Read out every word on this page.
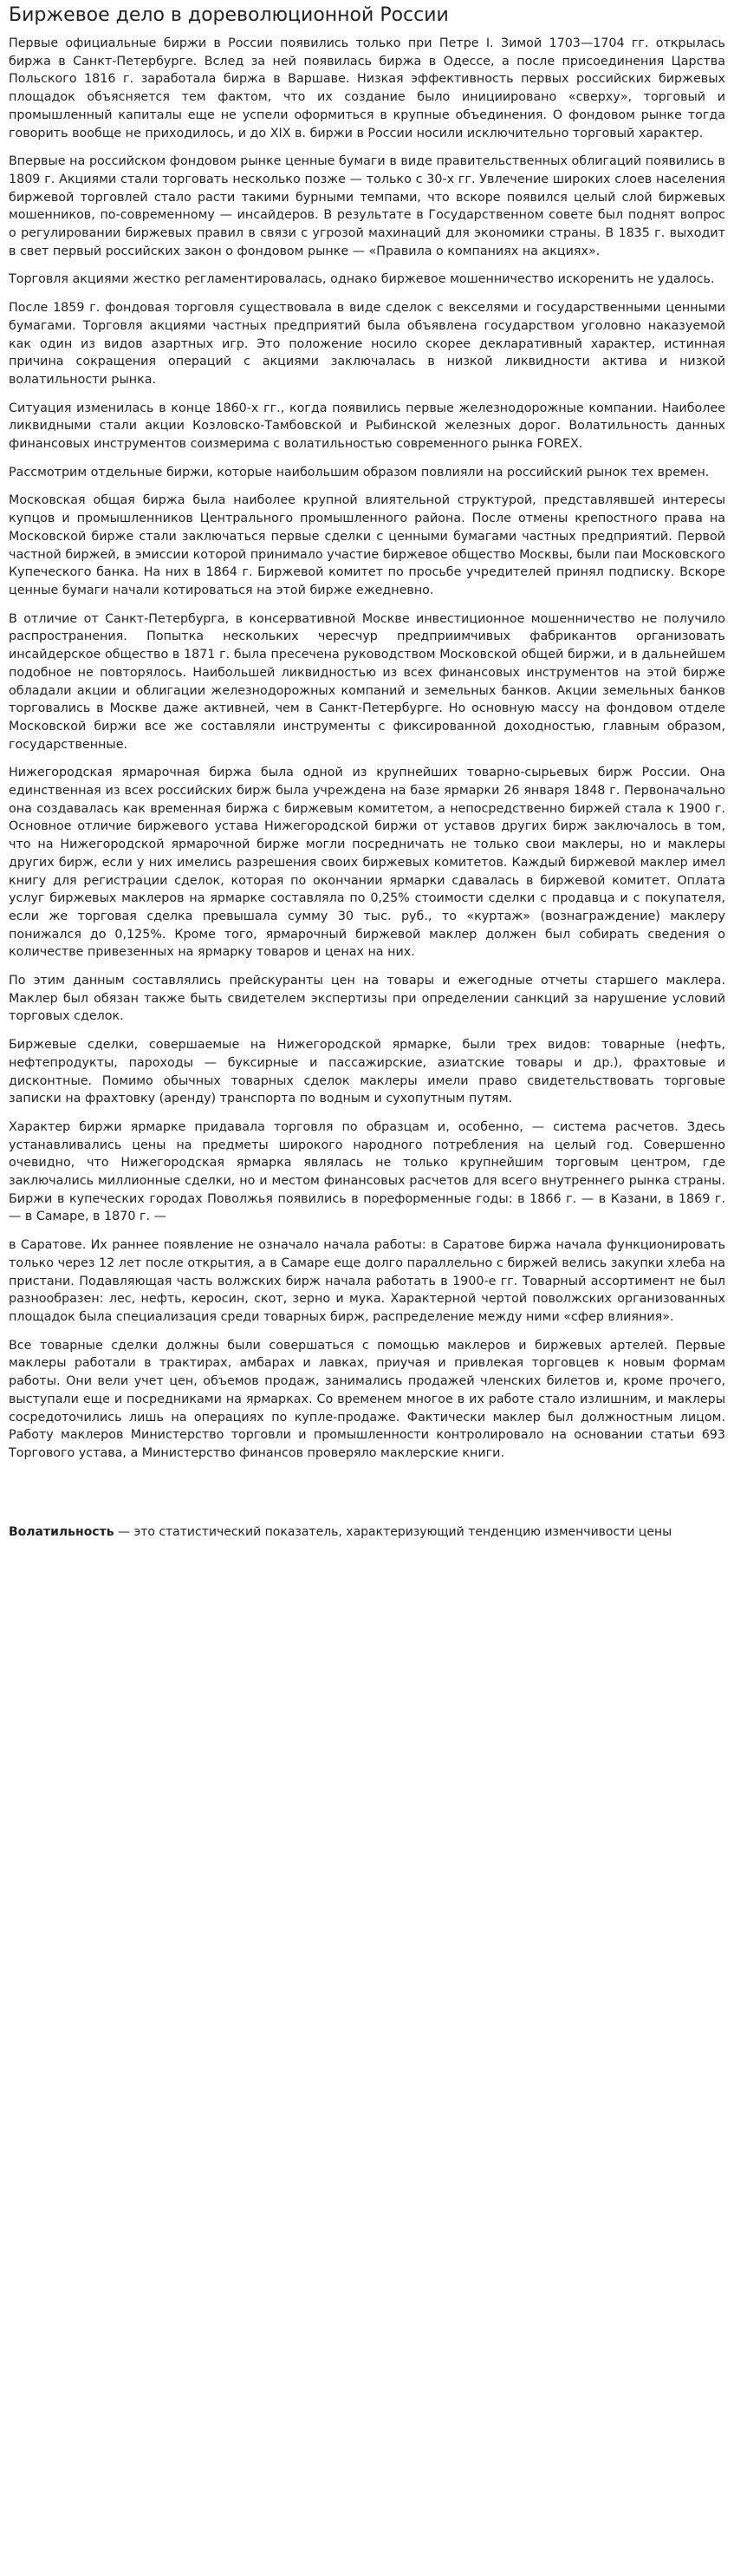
Биржевое дело в дореволюционной России

Первые официальные биржи в России появились только при Петре I. Зимой 1703—1704 гг. открылась биржа в Санкт-Петербурге. Вслед за ней появилась биржа в Одессе, а после присоединения Царства Польского 1816 г. заработала биржа в Варшаве. Низкая эффективность первых российских биржевых площадок объясняется тем фактом, что их создание было инициировано «сверху», торговый и промышленный капиталы еще не успели оформиться в крупные объединения. О фондовом рынке тогда говорить вообще не приходилось, и до XIX в. биржи в России носили исключительно торговый характер.

Впервые на российском фондовом рынке ценные бумаги в виде правительственных облигаций появились в 1809 г. Акциями стали торговать несколько позже — только с 30-х гг. Увлечение широких слоев населения биржевой торговлей стало расти такими бурными темпами, что вскоре появился целый слой биржевых мошенников, по-современному — инсайдеров. В результате в Государственном совете был поднят вопрос о регулировании биржевых правил в связи с угрозой махинаций для экономики страны. В 1835 г. выходит в свет первый российских закон о фондовом рынке — «Правила о компаниях на акциях».

Торговля акциями жестко регламентировалась, однако биржевое мошенничество искоренить не удалось.

После 1859 г. фондовая торговля существовала в виде сделок с векселями и государственными ценными бумагами. Торговля акциями частных предприятий была объявлена государством уголовно наказуемой как один из видов азартных игр. Это положение носило скорее декларативный характер, истинная причина сокращения операций с акциями заключалась в низкой ликвидности актива и низкой волатильности рынка.

Ситуация изменилась в конце 1860-х гг., когда появились первые железнодорожные компании. Наиболее ликвидными стали акции Козловско-Тамбовской и Рыбинской железных дорог. Волатильность данных финансовых инструментов соизмерима с волатильностью современного рынка FOREX.

Рассмотрим отдельные биржи, которые наибольшим образом повлияли на российский рынок тех времен.

Московская общая биржа была наиболее крупной влиятельной структурой, представлявшей интересы купцов и промышленников Центрального промышленного района. После отмены крепостного права на Московской бирже стали заключаться первые сделки с ценными бумагами частных предприятий. Первой частной биржей, в эмиссии которой принимало участие биржевое общество Москвы, были паи Московского Купеческого банка. На них в 1864 г. Биржевой комитет по просьбе учредителей принял подписку. Вскоре ценные бумаги начали котироваться на этой бирже ежедневно.

В отличие от Санкт-Петербурга, в консервативной Москве инвестиционное мошенничество не получило распространения. Попытка нескольких чересчур предприимчивых фабрикантов организовать инсайдерское общество в 1871 г. была пресечена руководством Московской общей биржи, и в дальнейшем подобное не повторялось. Наибольшей ликвидностью из всех финансовых инструментов на этой бирже обладали акции и облигации железнодорожных компаний и земельных банков. Акции земельных банков торговались в Москве даже активней, чем в Санкт-Петербурге. Но основную массу на фондовом отделе Московской биржи все же составляли инструменты с фиксированной доходностью, главным образом, государственные.

Нижегородская ярмарочная биржа была одной из крупнейших товарно-сырьевых бирж России. Она единственная из всех российских бирж была учреждена на базе ярмарки 26 января 1848 г. Первоначально она создавалась как временная биржа с биржевым комитетом, а непосредственно биржей стала к 1900 г. Основное отличие биржевого устава Нижегородской биржи от уставов других бирж заключалось в том, что на Нижегородской ярмарочной бирже могли посредничать не только свои маклеры, но и маклеры других бирж, если у них имелись разрешения своих биржевых комитетов. Каждый биржевой маклер имел книгу для регистрации сделок, которая по окончании ярмарки сдавалась в биржевой комитет. Оплата услуг биржевых маклеров на ярмарке составляла по 0,25% стоимости сделки с продавца и с покупателя, если же торговая сделка превышала сумму 30 тыс. руб., то «куртаж» (вознаграждение) маклеру понижался до 0,125%. Кроме того, ярмарочный биржевой маклер должен был собирать сведения о количестве привезенных на ярмарку товаров и ценах на них.

По этим данным составлялись прейскуранты цен на товары и ежегодные отчеты старшего маклера. Маклер был обязан также быть свидетелем экспертизы при определении санкций за нарушение условий торговых сделок.

Биржевые сделки, совершаемые на Нижегородской ярмарке, были трех видов: товарные (нефть, нефтепродукты, пароходы — буксирные и пассажирские, азиатские товары и др.), фрахтовые и дисконтные. Помимо обычных товарных сделок маклеры имели право свидетельствовать торговые записки на фрахтовку (аренду) транспорта по водным и сухопутным путям.

Характер биржи ярмарке придавала торговля по образцам и, особенно, — система расчетов. Здесь устанавливались цены на предметы широкого народного потребления на целый год. Совершенно очевидно, что Нижегородская ярмарка являлась не только крупнейшим торговым центром, где заключались миллионные сделки, но и местом финансовых расчетов для всего внутреннего рынка страны. Биржи в купеческих городах Поволжья появились в пореформенные годы: в 1866 г. — в Казани, в 1869 г. — в Самаре, в 1870 г. —

в Саратове. Их раннее появление не означало начала работы: в Саратове биржа начала функционировать только через 12 лет после открытия, а в Самаре еще долго параллельно с биржей велись закупки хлеба на пристани. Подавляющая часть волжских бирж начала работать в 1900-е гг. Товарный ассортимент не был разнообразен: лес, нефть, керосин, скот, зерно и мука. Характерной чертой поволжских организованных площадок была специализация среди товарных бирж, распределение между ними «сфер влияния».

Все товарные сделки должны были совершаться с помощью маклеров и биржевых артелей. Первые маклеры работали в трактирах, амбарах и лавках, приучая и привлекая торговцев к новым формам работы. Они вели учет цен, объемов продаж, занимались продажей членских билетов и, кроме прочего, выступали еще и посредниками на ярмарках. Со временем многое в их работе стало излишним, и маклеры сосредоточились лишь на операциях по купле-продаже. Фактически маклер был должностным лицом. Работу маклеров Министерство торговли и промышленности контролировало на основании статьи 693 Торгового устава, а Министерство финансов проверяло маклерские книги.

Волатильность — это статистический показатель, характеризующий тенденцию изменчивости цены
